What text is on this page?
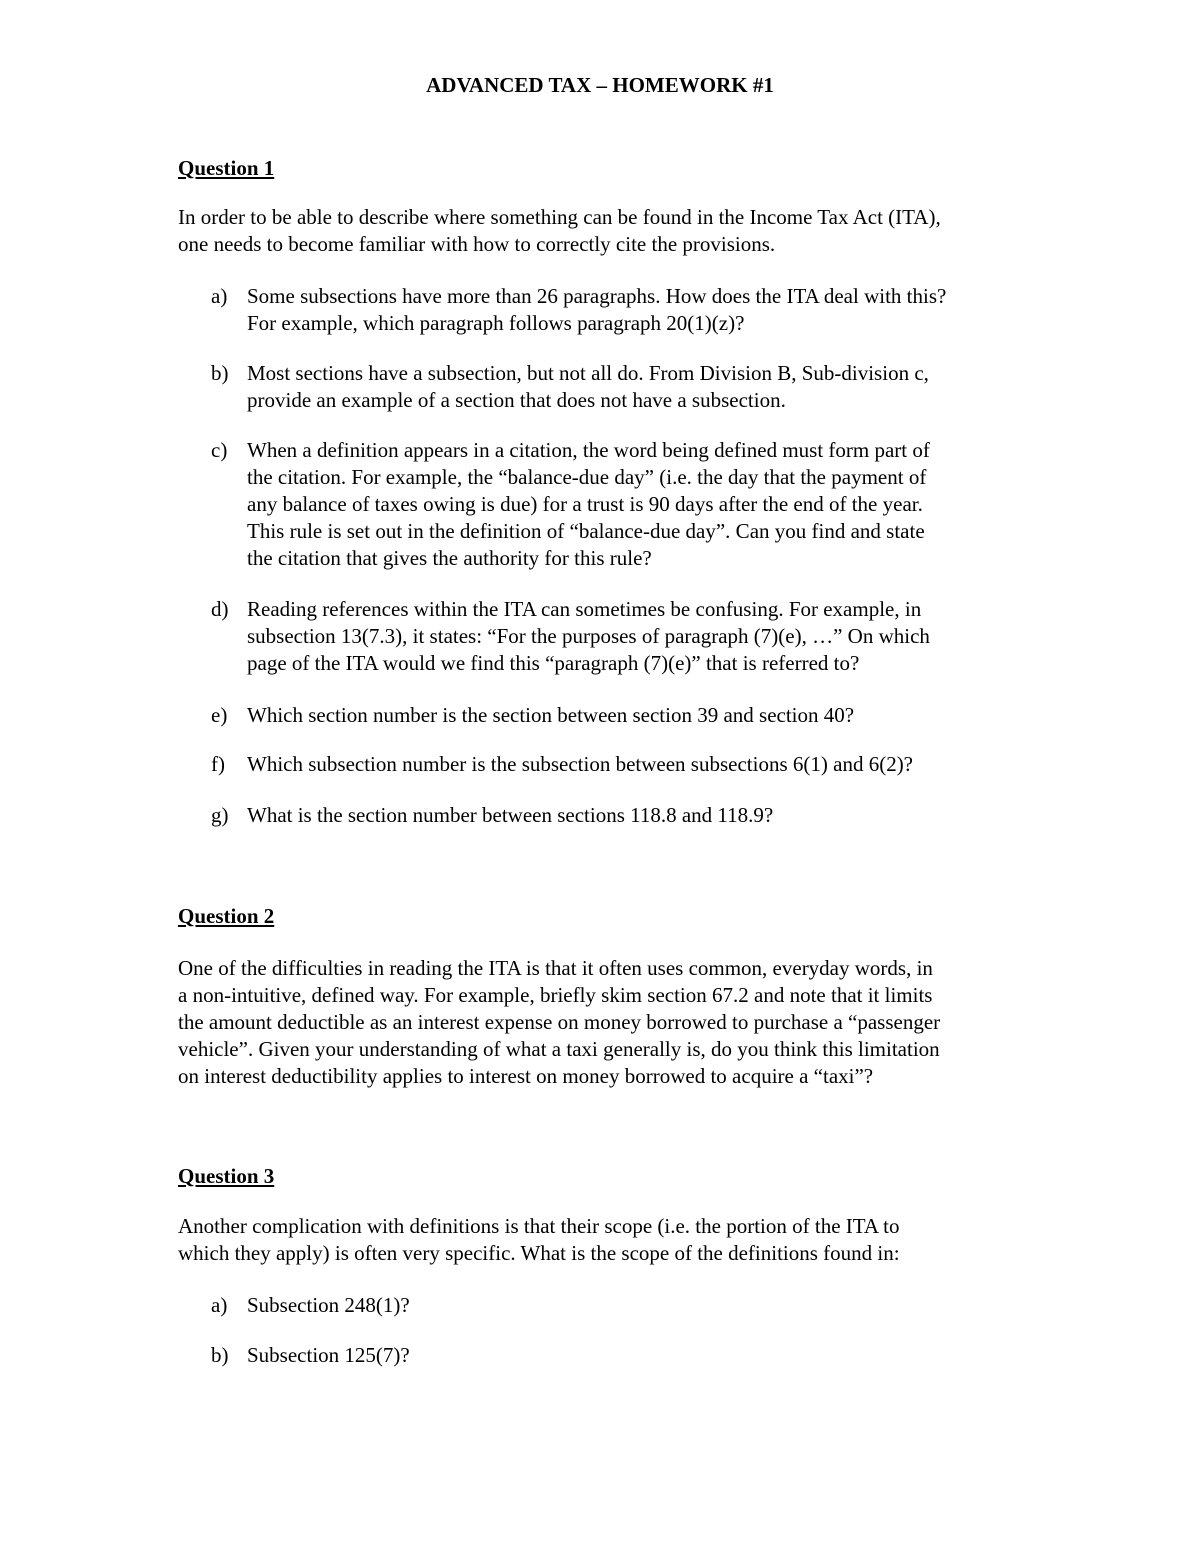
ADVANCED TAX – HOMEWORK #1
Question 1
In order to be able to describe where something can be found in the Income Tax Act (ITA),
one needs to become familiar with how to correctly cite the provisions.
a) Some subsections have more than 26 paragraphs. How does the ITA deal with this?
For example, which paragraph follows paragraph 20(1)(z)?
b) Most sections have a subsection, but not all do. From Division B, Sub-division c,
provide an example of a section that does not have a subsection.
c) When a definition appears in a citation, the word being defined must form part of
the citation. For example, the “balance-due day” (i.e. the day that the payment of
any balance of taxes owing is due) for a trust is 90 days after the end of the year.
This rule is set out in the definition of “balance-due day”. Can you find and state
the citation that gives the authority for this rule?
d) Reading references within the ITA can sometimes be confusing. For example, in
subsection 13(7.3), it states: “For the purposes of paragraph (7)(e), …” On which
page of the ITA would we find this “paragraph (7)(e)” that is referred to?
e) Which section number is the section between section 39 and section 40?
f)	Which subsection number is the subsection between subsections 6(1) and 6(2)?
g) What is the section number between sections 118.8 and 118.9?
Question 2
One of the difficulties in reading the ITA is that it often uses common, everyday words, in
a non-intuitive, defined way. For example, briefly skim section 67.2 and note that it limits
the amount deductible as an interest expense on money borrowed to purchase a “passenger
vehicle”. Given your understanding of what a taxi generally is, do you think this limitation
on interest deductibility applies to interest on money borrowed to acquire a “taxi”?
Question 3
Another complication with definitions is that their scope (i.e. the portion of the ITA to
which they apply) is often very specific. What is the scope of the definitions found in:
a) Subsection 248(1)?
b) Subsection 125(7)?
